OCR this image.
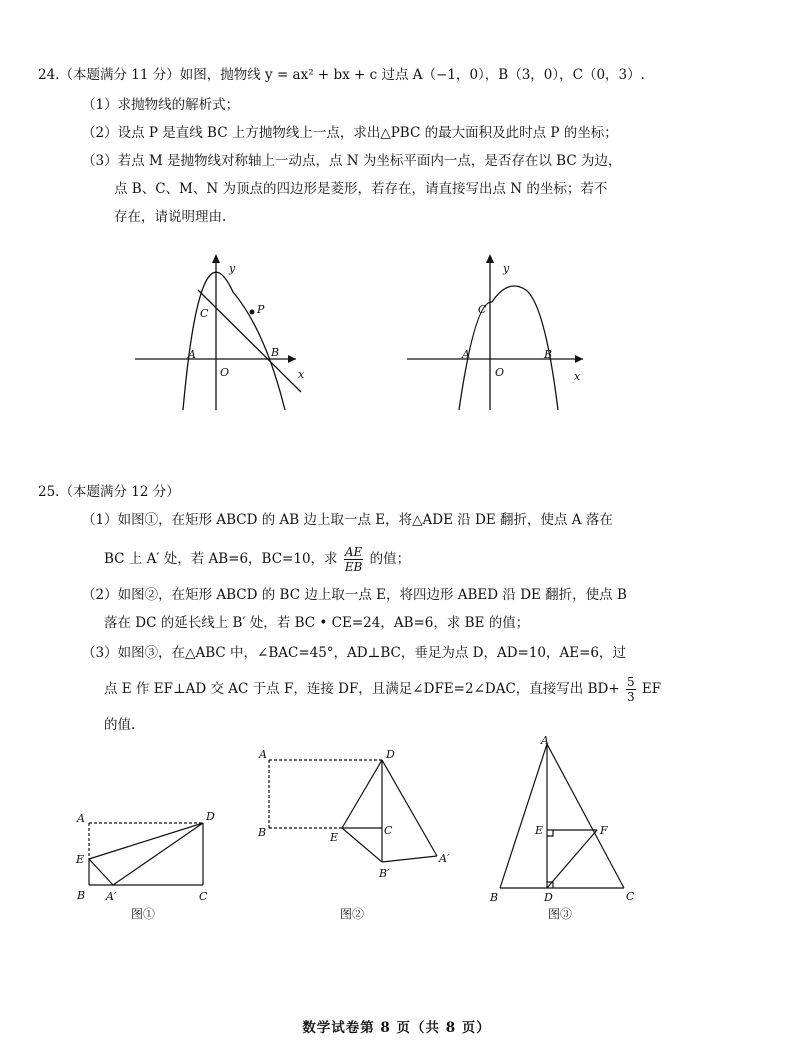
24.（本题满分 11 分）如图，抛物线 y = ax² + bx + c 过点 A（−1，0），B（3，0），C（0，3）.
（1）求抛物线的解析式；
（2）设点 P 是直线 BC 上方抛物线上一点，求出△PBC 的最大面积及此时点 P 的坐标；
（3）若点 M 是抛物线对称轴上一动点，点 N 为坐标平面内一点，是否存在以 BC 为边，
点 B、C、M、N 为顶点的四边形是菱形，若存在，请直接写出点 N 的坐标；若不
存在，请说明理由.
y
x
O
A	B
C	P
y
x
O
A	B
C
25.（本题满分 12 分）
（1）如图①，在矩形 ABCD 的 AB 边上取一点 E，将△ADE 沿 DE 翻折，使点 A 落在
BC 上 A′ 处，若 AB=6，BC=10，求 $\frac{AE}{EB}$ 的值；
（2）如图②，在矩形 ABCD 的 BC 边上取一点 E，将四边形 ABED 沿 DE 翻折，使点 B
落在 DC 的延长线上 B′ 处，若 BC • CE=24，AB=6，求 BE 的值；
（3）如图③，在△ABC 中，∠BAC=45°，AD⊥BC，垂足为点 D，AD=10，AE=6，过
点 E 作 EF⊥AD 交 AC 于点 F，连接 DF，且满足∠DFE=2∠DAC，直接写出 $BD+ \frac{5}{3}$ EF
的值.
A	D
E
B A′	C
图①
A	D
B	E
C
A′
B′
图②
A
E	F
B	D	C
图③
数学试卷第 8 页（共 8 页）
